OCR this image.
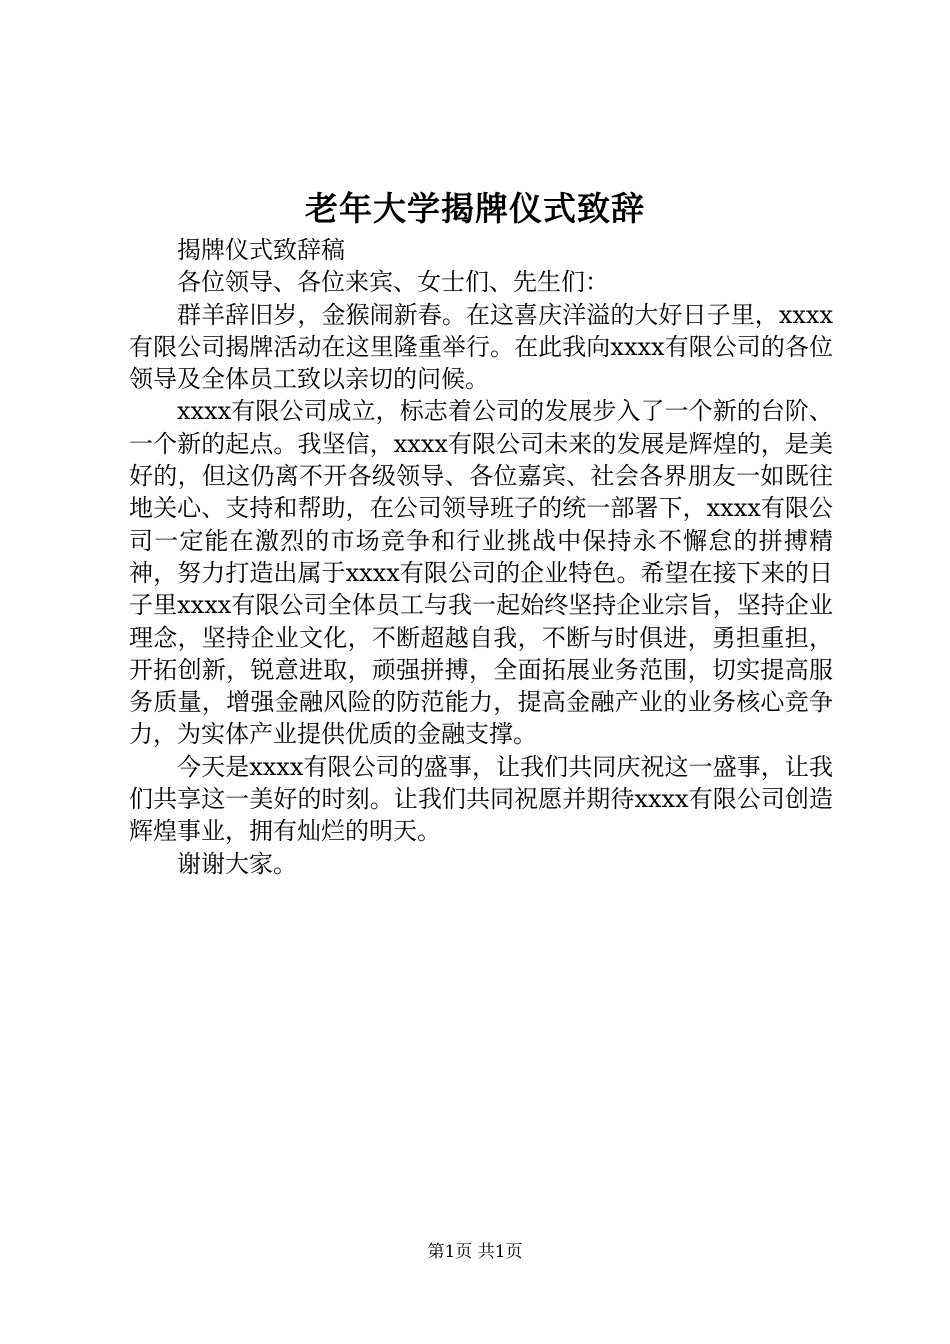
老年大学揭牌仪式致辞

揭牌仪式致辞稿

各位领导、各位来宾、女士们、先生们：

群羊辞旧岁，金猴闹新春。在这喜庆洋溢的大好日子里，xxxx有限公司揭牌活动在这里隆重举行。在此我向xxxx有限公司的各位领导及全体员工致以亲切的问候。

xxxx有限公司成立，标志着公司的发展步入了一个新的台阶、一个新的起点。我坚信，xxxx有限公司未来的发展是辉煌的，是美好的，但这仍离不开各级领导、各位嘉宾、社会各界朋友一如既往地关心、支持和帮助，在公司领导班子的统一部署下，xxxx有限公司一定能在激烈的市场竞争和行业挑战中保持永不懈怠的拼搏精神，努力打造出属于xxxx有限公司的企业特色。希望在接下来的日子里xxxx有限公司全体员工与我一起始终坚持企业宗旨，坚持企业理念，坚持企业文化，不断超越自我，不断与时俱进，勇担重担，开拓创新，锐意进取，顽强拼搏，全面拓展业务范围，切实提高服务质量，增强金融风险的防范能力，提高金融产业的业务核心竞争力，为实体产业提供优质的金融支撑。

今天是xxxx有限公司的盛事，让我们共同庆祝这一盛事，让我们共享这一美好的时刻。让我们共同祝愿并期待xxxx有限公司创造辉煌事业，拥有灿烂的明天。

谢谢大家。

第1页 共1页
